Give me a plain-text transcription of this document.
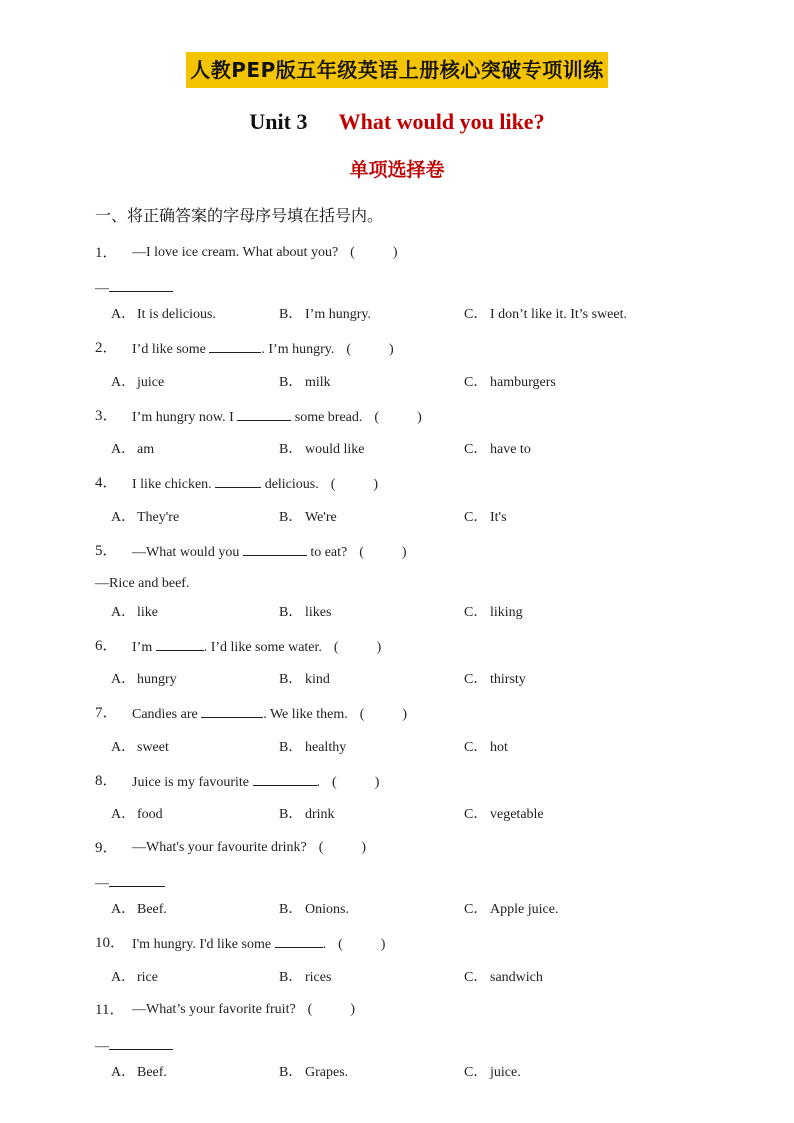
人教PEP版五年级英语上册核心突破专项训练
Unit 3 What would you like?
单项选择卷
一、将正确答案的字母序号填在括号内。
1． —I love ice cream. What about you? (	)
—
A． It is delicious.	B． I’m hungry.	C． I don’t like it. It’s sweet.
2． I’d like some	. I’m hungry. (	)
A． juice	B． milk	C． hamburgers
3． I’m hungry now. I	some bread. (	)
A． am	B． would like	C． have to
4． I like chicken.	delicious. (	)
A． They're	B． We're	C． It's
5． —What would you	to eat? (	)
—Rice and beef.
A． like	B． likes	C． liking
6． I’m	. I’d like some water. (	)
A． hungry	B． kind	C． thirsty
7． Candies are	. We like them. (	)
A． sweet	B． healthy	C． hot
8． Juice is my favourite	. (	)
A． food	B． drink	C． vegetable
9． —What's your favourite drink? (	)
—
A． Beef.	B． Onions.	C． Apple juice.
10． I'm hungry. I'd like some	. (	)
A． rice	B． rices	C． sandwich
11． —What’s your favorite fruit? (	)
—
A． Beef.	B． Grapes.	C． juice.
